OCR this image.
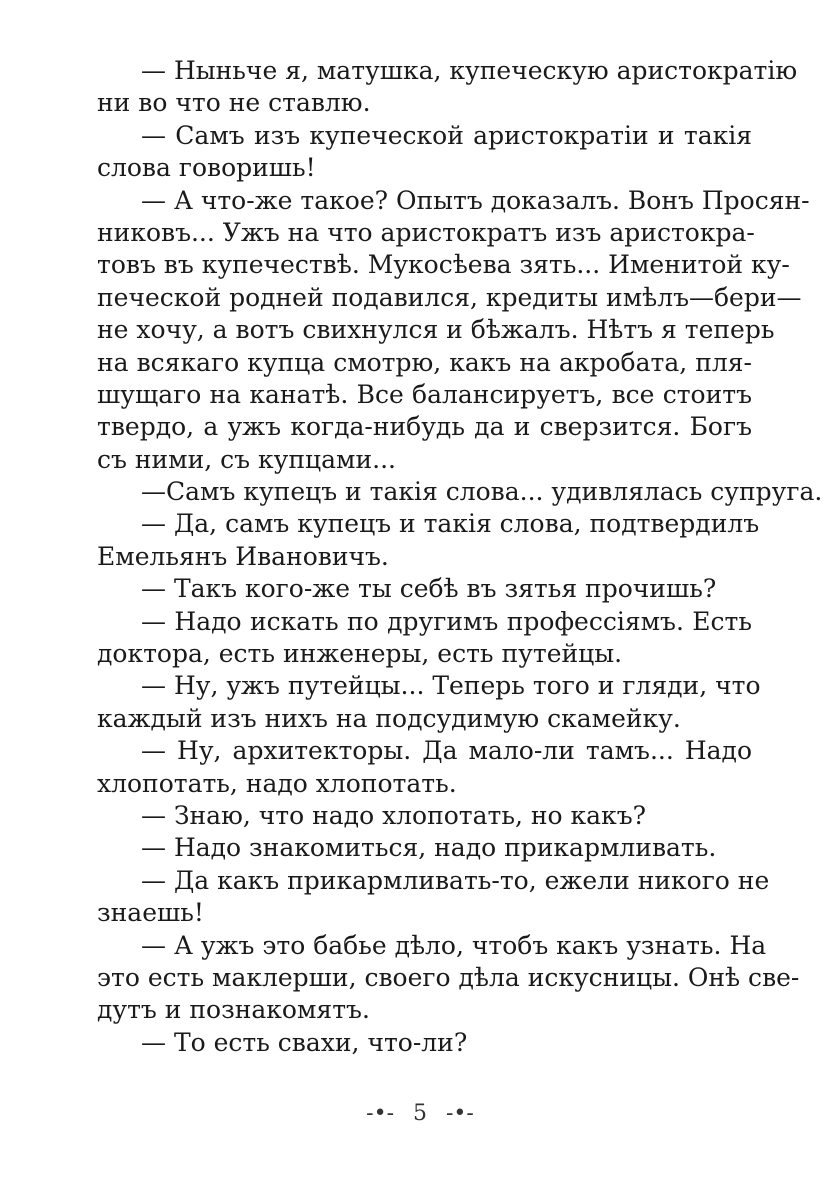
— Ныньче я, матушка, купеческую аристократію
ни во что не ставлю.
— Самъ изъ купеческой аристократіи и такія
слова говоришь!
— А что-же такое? Опытъ доказалъ. Вонъ Просян-
никовъ... Ужъ на что аристократъ изъ аристокра-
товъ въ купечествѣ. Мукосѣева зять... Именитой ку-
печеской родней подавился, кредиты имѣлъ—бери—
не хочу, а вотъ свихнулся и бѣжалъ. Нѣтъ я теперь
на всякаго купца смотрю, какъ на акробата, пля-
шущаго на канатѣ. Все балансируетъ, все стоитъ
твердо, а ужъ когда-нибудь да и сверзится. Богъ
съ ними, съ купцами...
—Самъ купецъ и такія слова... удивлялась супруга.
— Да, самъ купецъ и такія слова, подтвердилъ
Емельянъ Ивановичъ.
— Такъ кого-же ты себѣ въ зятья прочишь?
— Надо искать по другимъ профессіямъ. Есть
доктора, есть инженеры, есть путейцы.
— Ну, ужъ путейцы... Теперь того и гляди, что
каждый изъ нихъ на подсудимую скамейку.
— Ну, архитекторы. Да мало-ли тамъ... Надо
хлопотать, надо хлопотать.
— Знаю, что надо хлопотать, но какъ?
— Надо знакомиться, надо прикармливать.
— Да какъ прикармливать-то, ежели никого не
знаешь!
— А ужъ это бабье дѣло, чтобъ какъ узнать. На
это есть маклерши, своего дѣла искусницы. Онѣ све-
дутъ и познакомятъ.
— То есть свахи, что-ли?
-•- 5 -•-
